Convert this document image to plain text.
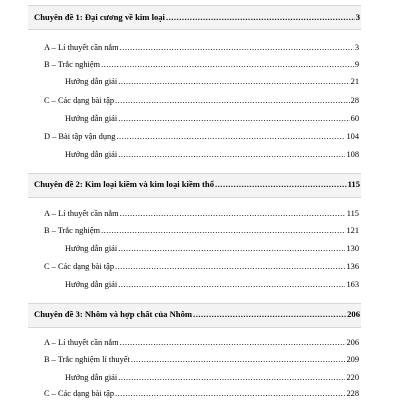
Chuyên đề 1: Đại cương về kim loại .....	3
A – Lí thuyết cần nắm .....	3
B – Trắc nghiệm .....	9
Hướng dẫn giải .....	21
C – Các dạng bài tập .....	28
Hướng dẫn giải .....	60
D – Bài tập vận dụng .....	104
Hướng dẫn giải .....	108
Chuyên đề 2: Kim loại kiềm và kim loại kiềm thổ .....	115
A – Lí thuyết cần nắm .....	115
B – Trắc nghiệm .....	121
Hướng dẫn giải .....	130
C – Các dạng bài tập .....	136
Hướng dẫn giải .....	163
Chuyên đề 3: Nhôm và hợp chất của Nhôm .....	206
A – Lí thuyết cần nắm .....	206
B – Trắc nghiệm lí thuyết .....	209
Hướng dẫn giải .....	220
C – Các dạng bài tập .....	228
